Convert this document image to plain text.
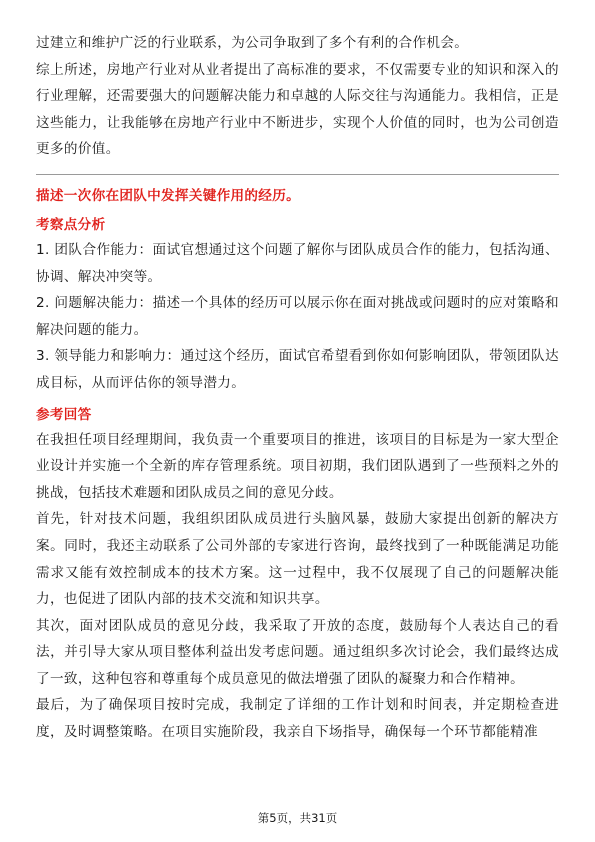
过建立和维护广泛的行业联系，为公司争取到了多个有利的合作机会。

综上所述，房地产行业对从业者提出了高标准的要求，不仅需要专业的知识和深入的行业理解，还需要强大的问题解决能力和卓越的人际交往与沟通能力。我相信，正是这些能力，让我能够在房地产行业中不断进步，实现个人价值的同时，也为公司创造更多的价值。

描述一次你在团队中发挥关键作用的经历。

考察点分析

1. 团队合作能力：面试官想通过这个问题了解你与团队成员合作的能力，包括沟通、协调、解决冲突等。

2. 问题解决能力：描述一个具体的经历可以展示你在面对挑战或问题时的应对策略和解决问题的能力。

3. 领导能力和影响力：通过这个经历，面试官希望看到你如何影响团队，带领团队达成目标，从而评估你的领导潜力。

参考回答

在我担任项目经理期间，我负责一个重要项目的推进，该项目的目标是为一家大型企业设计并实施一个全新的库存管理系统。项目初期，我们团队遇到了一些预料之外的挑战，包括技术难题和团队成员之间的意见分歧。

首先，针对技术问题，我组织团队成员进行头脑风暴，鼓励大家提出创新的解决方案。同时，我还主动联系了公司外部的专家进行咨询，最终找到了一种既能满足功能需求又能有效控制成本的技术方案。这一过程中，我不仅展现了自己的问题解决能力，也促进了团队内部的技术交流和知识共享。

其次，面对团队成员的意见分歧，我采取了开放的态度，鼓励每个人表达自己的看法，并引导大家从项目整体利益出发考虑问题。通过组织多次讨论会，我们最终达成了一致，这种包容和尊重每个成员意见的做法增强了团队的凝聚力和合作精神。

最后，为了确保项目按时完成，我制定了详细的工作计划和时间表，并定期检查进度，及时调整策略。在项目实施阶段，我亲自下场指导，确保每一个环节都能精准

第5页，共31页
